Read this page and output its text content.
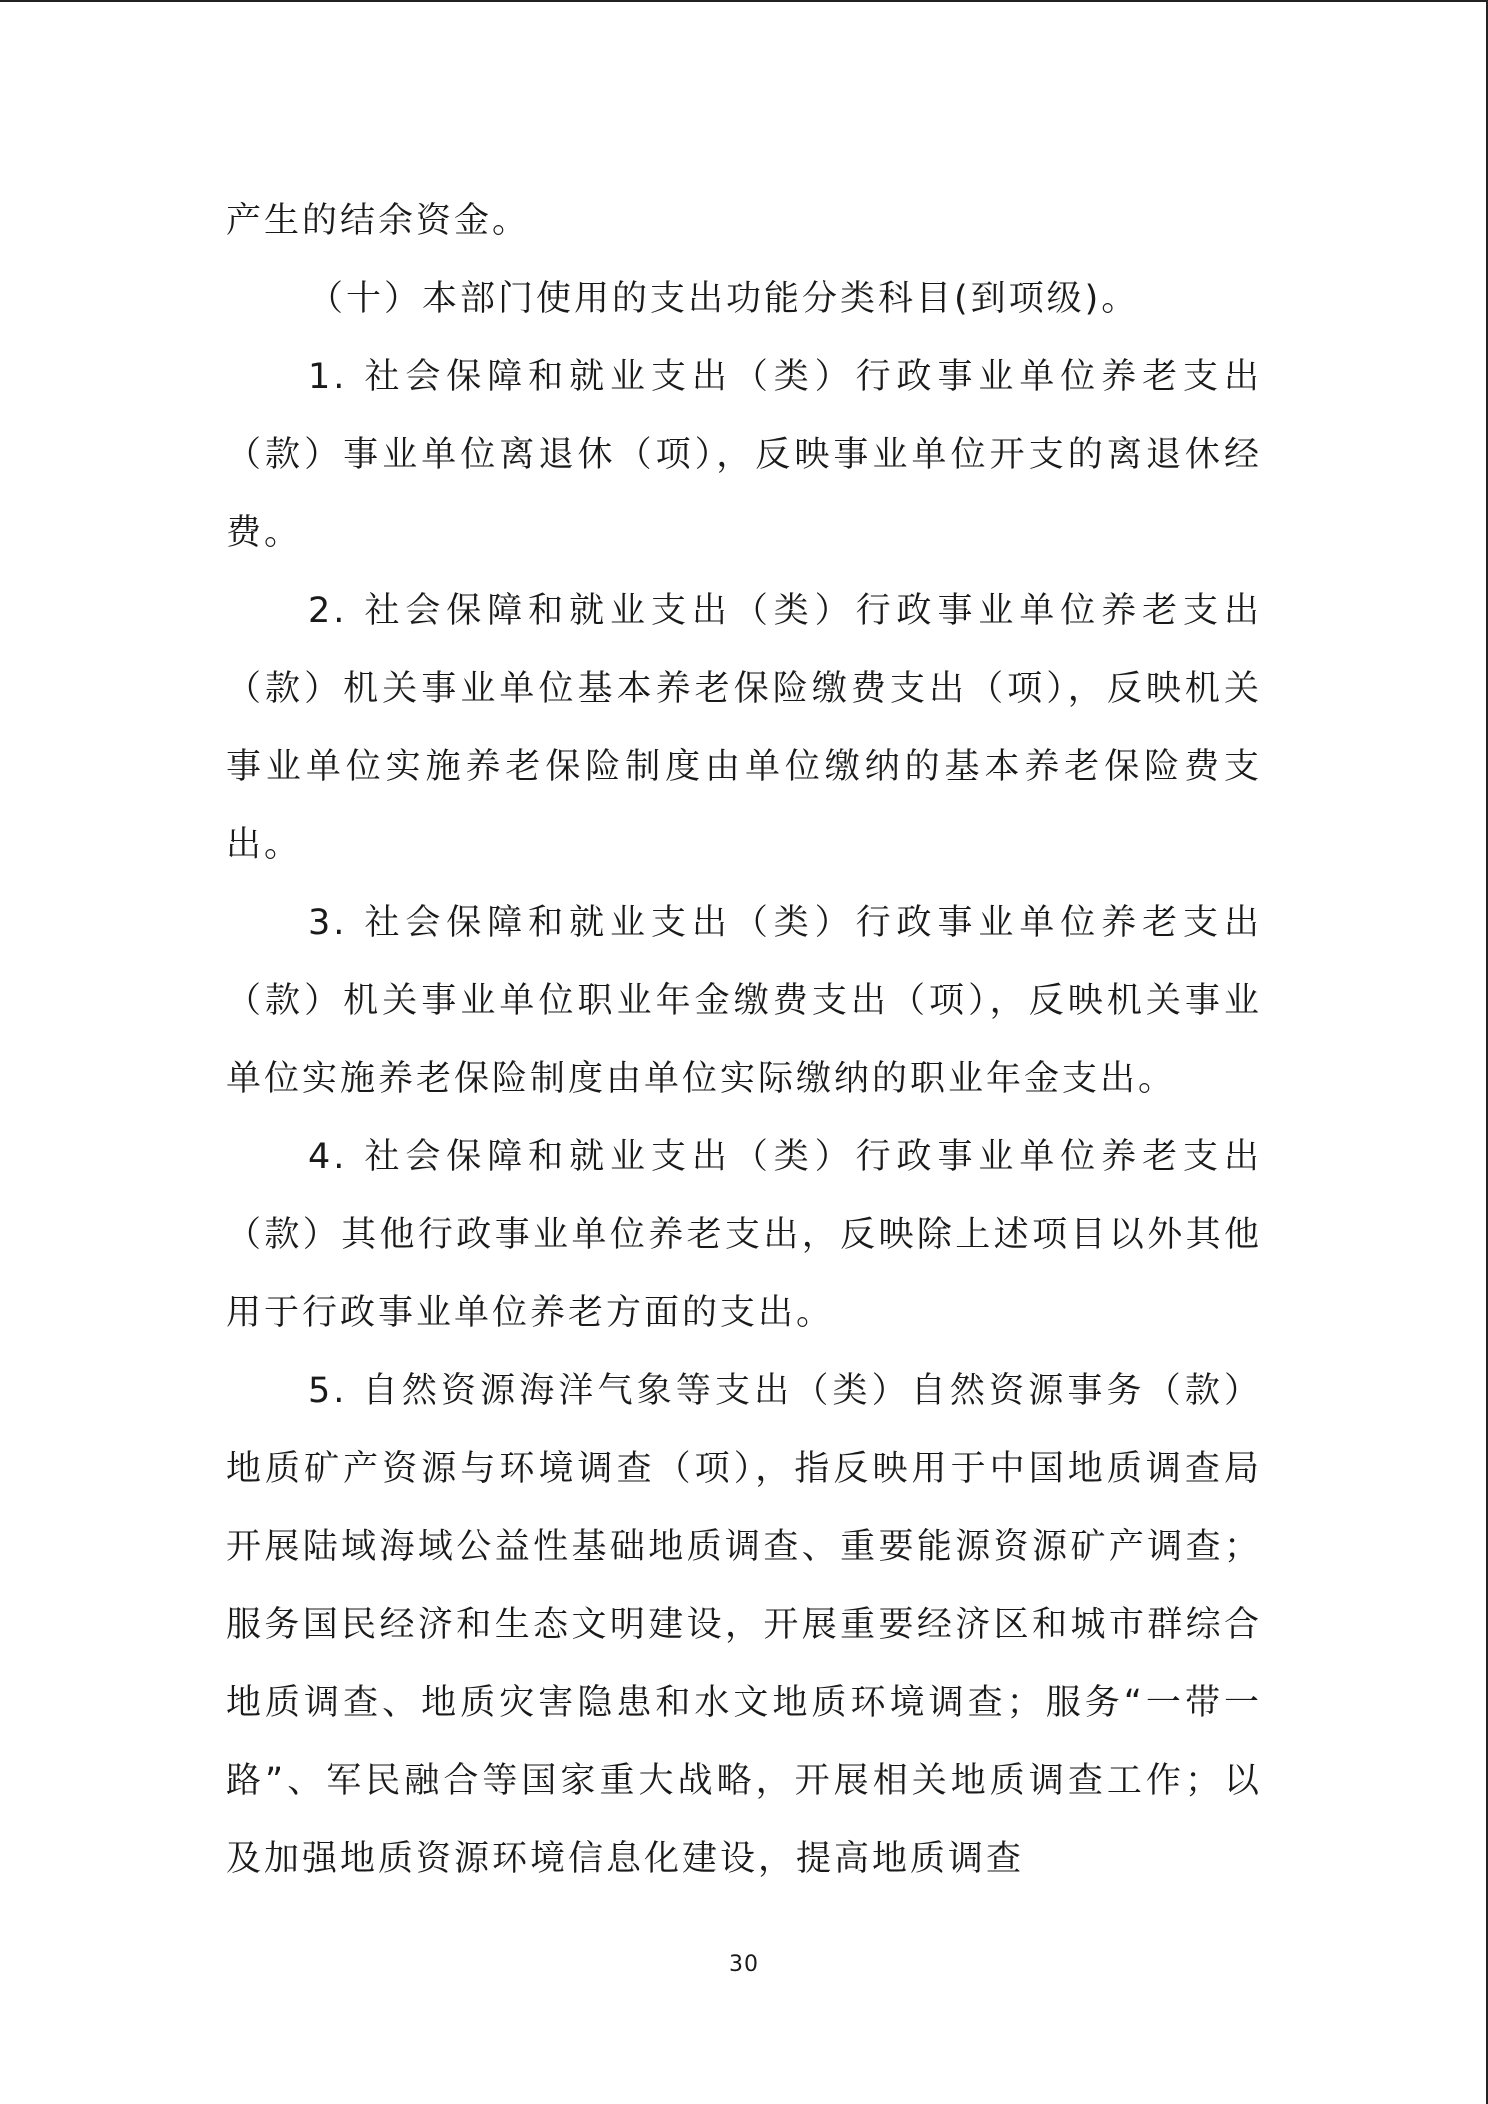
产生的结余资金。

（十）本部门使用的支出功能分类科目(到项级)。

1. 社会保障和就业支出（类）行政事业单位养老支出（款）事业单位离退休（项），反映事业单位开支的离退休经费。

2. 社会保障和就业支出（类）行政事业单位养老支出（款）机关事业单位基本养老保险缴费支出（项），反映机关事业单位实施养老保险制度由单位缴纳的基本养老保险费支出。

3. 社会保障和就业支出（类）行政事业单位养老支出（款）机关事业单位职业年金缴费支出（项），反映机关事业单位实施养老保险制度由单位实际缴纳的职业年金支出。

4. 社会保障和就业支出（类）行政事业单位养老支出（款）其他行政事业单位养老支出，反映除上述项目以外其他用于行政事业单位养老方面的支出。

5. 自然资源海洋气象等支出（类）自然资源事务（款）地质矿产资源与环境调查（项），指反映用于中国地质调查局开展陆域海域公益性基础地质调查、重要能源资源矿产调查；服务国民经济和生态文明建设，开展重要经济区和城市群综合地质调查、地质灾害隐患和水文地质环境调查；服务“一带一路”、军民融合等国家重大战略，开展相关地质调查工作；以及加强地质资源环境信息化建设，提高地质调查

30
